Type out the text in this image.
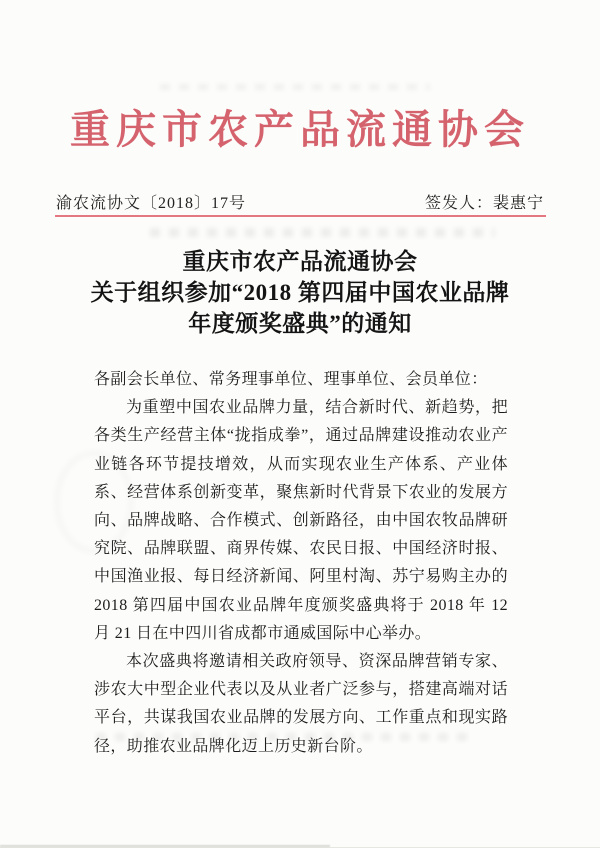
重庆市农产品流通协会
渝农流协文〔2018〕17号	签发人：裴惠宁
重庆市农产品流通协会
关于组织参加“2018 第四届中国农业品牌
年度颁奖盛典”的通知

各副会长单位、常务理事单位、理事单位、会员单位：

为重塑中国农业品牌力量，结合新时代、新趋势，把各类生产经营主体“拢指成拳”，通过品牌建设推动农业产业链各环节提技增效，从而实现农业生产体系、产业体系、经营体系创新变革，聚焦新时代背景下农业的发展方向、品牌战略、合作模式、创新路径，由中国农牧品牌研究院、品牌联盟、商界传媒、农民日报、中国经济时报、中国渔业报、每日经济新闻、阿里村淘、苏宁易购主办的 2018 第四届中国农业品牌年度颁奖盛典将于 2018 年 12 月 21 日在中四川省成都市通威国际中心举办。

本次盛典将邀请相关政府领导、资深品牌营销专家、涉农大中型企业代表以及从业者广泛参与，搭建高端对话平台，共谋我国农业品牌的发展方向、工作重点和现实路径，助推农业品牌化迈上历史新台阶。
